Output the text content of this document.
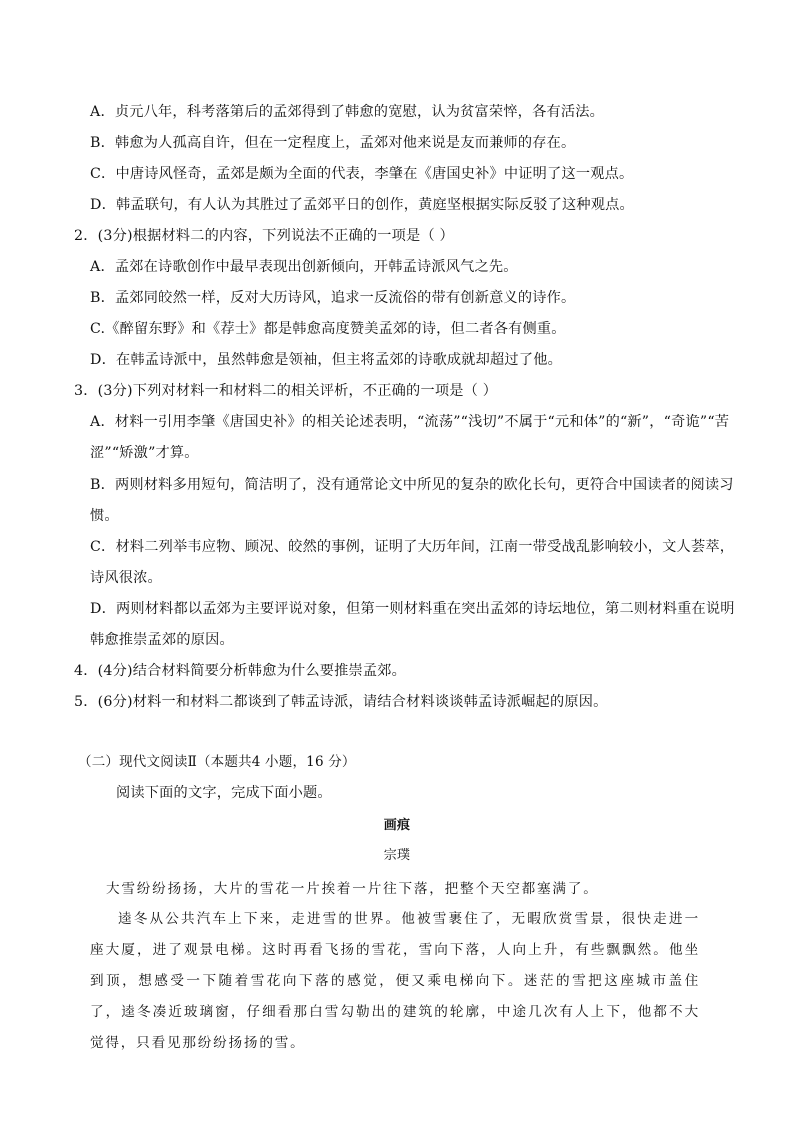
A．贞元八年，科考落第后的孟郊得到了韩愈的宽慰，认为贫富荣悴，各有活法。
B．韩愈为人孤高自许，但在一定程度上，孟郊对他来说是友而兼师的存在。
C．中唐诗风怪奇，孟郊是颇为全面的代表，李肇在《唐国史补》中证明了这一观点。
D．韩孟联句，有人认为其胜过了孟郊平日的创作，黄庭坚根据实际反驳了这种观点。
2．(3分)根据材料二的内容，下列说法不正确的一项是（ ）
A．孟郊在诗歌创作中最早表现出创新倾向，开韩孟诗派风气之先。
B．孟郊同皎然一样，反对大历诗风，追求一反流俗的带有创新意义的诗作。
C.《醉留东野》和《荐士》都是韩愈高度赞美孟郊的诗，但二者各有侧重。
D．在韩孟诗派中，虽然韩愈是领袖，但主将孟郊的诗歌成就却超过了他。
3．(3分)下列对材料一和材料二的相关评析，不正确的一项是（ ）
A．材料一引用李肇《唐国史补》的相关论述表明，“流荡”“浅切”不属于“元和体”的“新”，“奇诡”“苦
涩”“矫激”才算。
B．两则材料多用短句，简洁明了，没有通常论文中所见的复杂的欧化长句，更符合中国读者的阅读习
惯。
C．材料二列举韦应物、顾况、皎然的事例，证明了大历年间，江南一带受战乱影响较小，文人荟萃，
诗风很浓。
D．两则材料都以孟郊为主要评说对象，但第一则材料重在突出孟郊的诗坛地位，第二则材料重在说明
韩愈推崇孟郊的原因。
4．(4分)结合材料简要分析韩愈为什么要推崇孟郊。
5．(6分)材料一和材料二都谈到了韩孟诗派，请结合材料谈谈韩孟诗派崛起的原因。
（二）现代文阅读Ⅱ（本题共4 小题，16 分）
阅读下面的文字，完成下面小题。
画痕
宗璞
大雪纷纷扬扬，大片的雪花一片挨着一片往下落，把整个天空都塞满了。
逵冬从公共汽车上下来，走进雪的世界。他被雪裹住了，无暇欣赏雪景，很快走进一座大厦，进了观景电梯。这时再看飞扬的雪花，雪向下落，人向上升，有些飘飘然。他坐到顶，想感受一下随着雪花向下落的感觉，便又乘电梯向下。迷茫的雪把这座城市盖住了，逵冬凑近玻璃窗，仔细看那白雪勾勒出的建筑的轮廓，中途几次有人上下，他都不大觉得，只看见那纷纷扬扬的雪。
